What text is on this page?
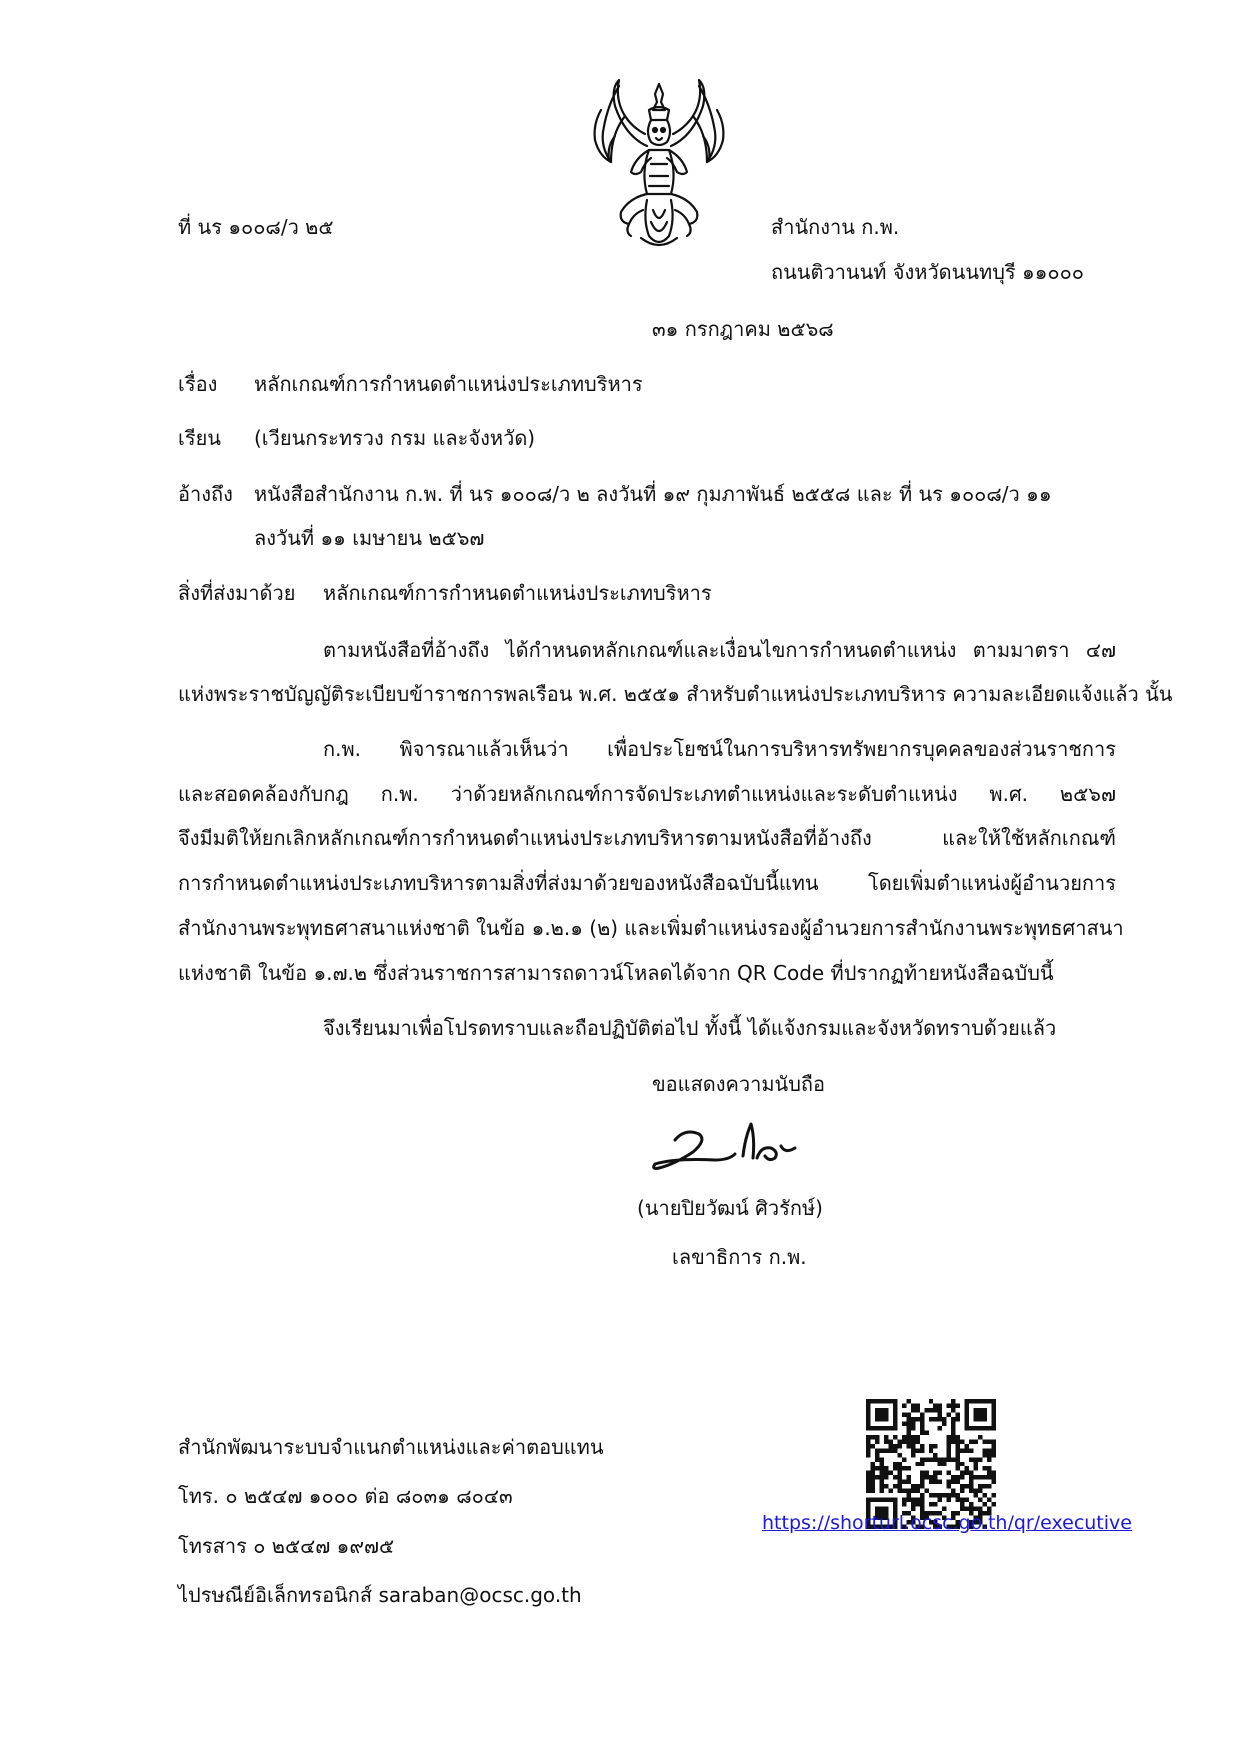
ที่ นร ๑๐๐๘/ว ๒๕	สำนักงาน ก.พ.
ถนนติวานนท์ จังหวัดนนทบุรี ๑๑๐๐๐
๓๑ กรกฎาคม ๒๕๖๘
เรื่อง หลักเกณฑ์การกำหนดตำแหน่งประเภทบริหาร
เรียน (เวียนกระทรวง กรม และจังหวัด)
อ้างถึง หนังสือสำนักงาน ก.พ. ที่ นร ๑๐๐๘/ว ๒ ลงวันที่ ๑๙ กุมภาพันธ์ ๒๕๕๘ และ ที่ นร ๑๐๐๘/ว ๑๑
ลงวันที่ ๑๑ เมษายน ๒๕๖๗
สิ่งที่ส่งมาด้วย หลักเกณฑ์การกำหนดตำแหน่งประเภทบริหาร
ตามหนังสือที่อ้างถึง ได้กำหนดหลักเกณฑ์และเงื่อนไขการกำหนดตำแหน่ง ตามมาตรา ๔๗
แห่งพระราชบัญญัติระเบียบข้าราชการพลเรือน พ.ศ. ๒๕๕๑ สำหรับตำแหน่งประเภทบริหาร ความละเอียดแจ้งแล้ว นั้น
ก.พ. พิจารณาแล้วเห็นว่า เพื่อประโยชน์ในการบริหารทรัพยากรบุคคลของส่วนราชการ
และสอดคล้องกับกฎ ก.พ. ว่าด้วยหลักเกณฑ์การจัดประเภทตำแหน่งและระดับตำแหน่ง พ.ศ. ๒๕๖๗
จึงมีมติให้ยกเลิกหลักเกณฑ์การกำหนดตำแหน่งประเภทบริหารตามหนังสือที่อ้างถึง และให้ใช้หลักเกณฑ์
การกำหนดตำแหน่งประเภทบริหารตามสิ่งที่ส่งมาด้วยของหนังสือฉบับนี้แทน โดยเพิ่มตำแหน่งผู้อำนวยการ
สำนักงานพระพุทธศาสนาแห่งชาติ ในข้อ ๑.๒.๑ (๒) และเพิ่มตำแหน่งรองผู้อำนวยการสำนักงานพระพุทธศาสนา
แห่งชาติ ในข้อ ๑.๗.๒ ซึ่งส่วนราชการสามารถดาวน์โหลดได้จาก QR Code ที่ปรากฏท้ายหนังสือฉบับนี้
จึงเรียนมาเพื่อโปรดทราบและถือปฏิบัติต่อไป ทั้งนี้ ได้แจ้งกรมและจังหวัดทราบด้วยแล้ว
ขอแสดงความนับถือ
(นายปิยวัฒน์ ศิวรักษ์)
เลขาธิการ ก.พ.
สำนักพัฒนาระบบจำแนกตำแหน่งและค่าตอบแทน
โทร. ๐ ๒๕๔๗ ๑๐๐๐ ต่อ ๘๐๓๑ ๘๐๔๓
โทรสาร ๐ ๒๕๔๗ ๑๙๗๕
ไปรษณีย์อิเล็กทรอนิกส์ saraban@ocsc.go.th
https://shorturl.ocsc.go.th/qr/executive
